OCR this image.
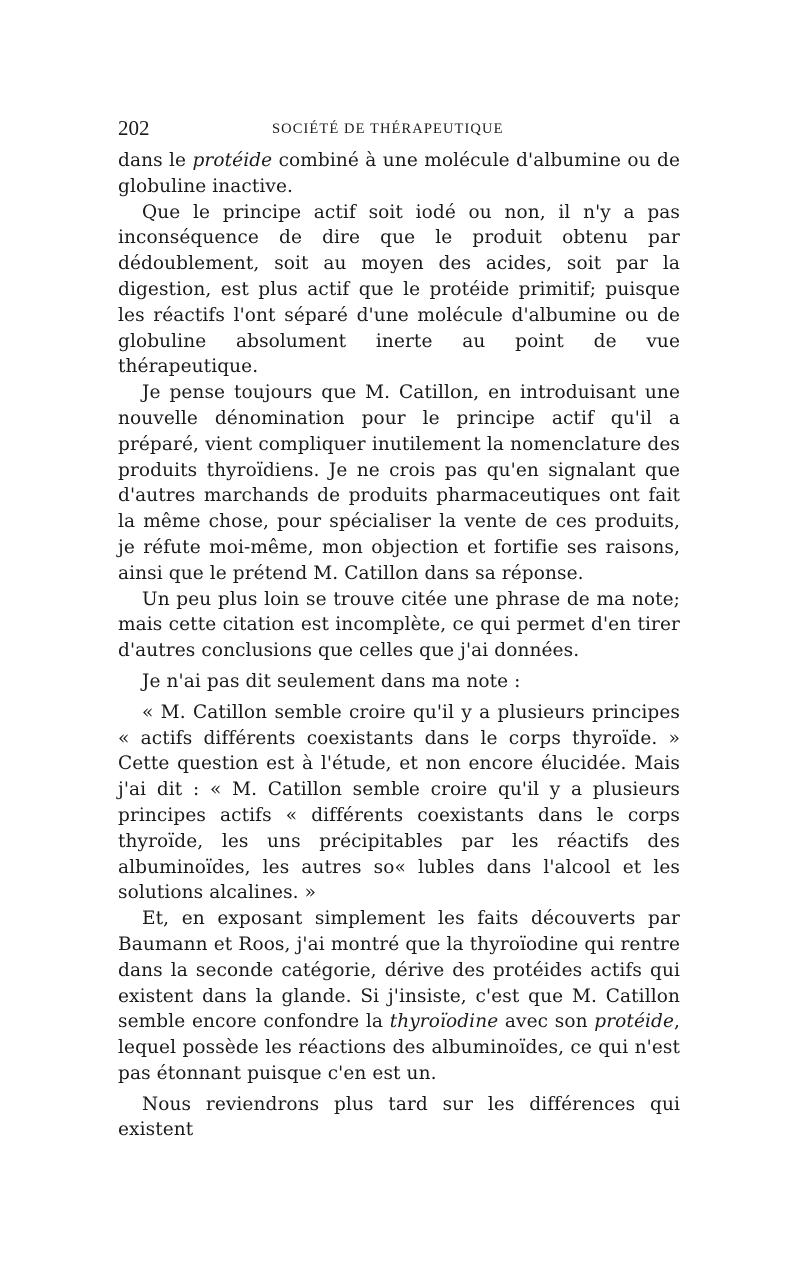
202	SOCIÉTÉ DE THÉRAPEUTIQUE

dans le protéide combiné à une molécule d'albumine ou de globuline inactive.

Que le principe actif soit iodé ou non, il n'y a pas inconséquence de dire que le produit obtenu par dédoublement, soit au moyen des acides, soit par la digestion, est plus actif que le protéide primitif; puisque les réactifs l'ont séparé d'une molécule d'albumine ou de globuline absolument inerte au point de vue thérapeutique.

Je pense toujours que M. Catillon, en introduisant une nouvelle dénomination pour le principe actif qu'il a préparé, vient compliquer inutilement la nomenclature des produits thyroïdiens. Je ne crois pas qu'en signalant que d'autres marchands de produits pharmaceutiques ont fait la même chose, pour spécialiser la vente de ces produits, je réfute moi-même, mon objection et fortifie ses raisons, ainsi que le prétend M. Catillon dans sa réponse.

Un peu plus loin se trouve citée une phrase de ma note; mais cette citation est incomplète, ce qui permet d'en tirer d'autres conclusions que celles que j'ai données.

Je n'ai pas dit seulement dans ma note :

« M. Catillon semble croire qu'il y a plusieurs principes « actifs différents coexistants dans le corps thyroïde. » Cette question est à l'étude, et non encore élucidée. Mais j'ai dit : « M. Catillon semble croire qu'il y a plusieurs principes actifs « différents coexistants dans le corps thyroïde, les uns précipitables par les réactifs des albuminoïdes, les autres so« lubles dans l'alcool et les solutions alcalines. »

Et, en exposant simplement les faits découverts par Baumann et Roos, j'ai montré que la thyroïodine qui rentre dans la seconde catégorie, dérive des protéides actifs qui existent dans la glande. Si j'insiste, c'est que M. Catillon semble encore confondre la thyroïodine avec son protéide, lequel possède les réactions des albuminoïdes, ce qui n'est pas étonnant puisque c'en est un.

Nous reviendrons plus tard sur les différences qui existent
